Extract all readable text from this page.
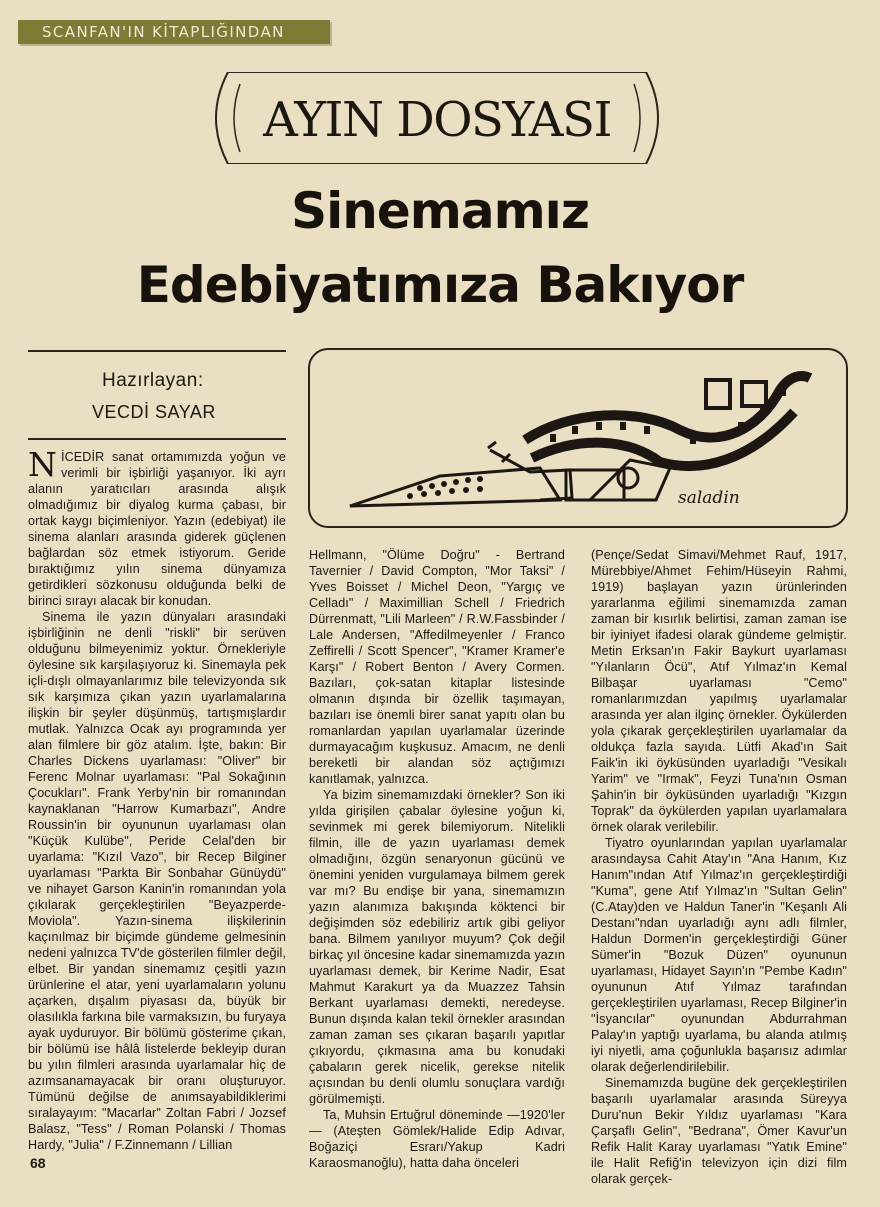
SCANFAN'IN KİTAPLIĞINDAN
AYIN DOSYASI
Sinemamız
Edebiyatımıza Bakıyor
Hazırlayan:
VECDİ SAYAR
saladin

NİCEDİR sanat ortamımızda yoğun ve verimli bir işbirliği yaşanıyor. İki ayrı alanın yaratıcıları arasında alışık olmadığımız bir diyalog kurma çabası, bir ortak kaygı biçimleniyor. Yazın (edebiyat) ile sinema alanları arasında giderek güçlenen bağlardan söz etmek istiyorum. Geride bıraktığımız yılın sinema dünyamıza getirdikleri sözkonusu olduğunda belki de birinci sırayı alacak bir konudan.

Sinema ile yazın dünyaları arasındaki işbirliğinin ne denli "riskli" bir serüven olduğunu bilmeyenimiz yoktur. Örnekleriyle öylesine sık karşılaşıyoruz ki. Sinemayla pek içli-dışlı olmayanlarımız bile televizyonda sık sık karşımıza çıkan yazın uyarlamalarına ilişkin bir şeyler düşünmüş, tartışmışlardır mutlak. Yalnızca Ocak ayı programında yer alan filmlere bir göz atalım. İşte, bakın: Bir Charles Dickens uyarlaması: "Oliver" bir Ferenc Molnar uyarlaması: "Pal Sokağının Çocukları". Frank Yerby'nin bir romanından kaynaklanan "Harrow Kumarbazı", Andre Roussin'in bir oyununun uyarlaması olan "Küçük Kulübe", Peride Celal'den bir uyarlama: "Kızıl Vazo", bir Recep Bilginer uyarlaması "Parkta Bir Sonbahar Günüydü" ve nihayet Garson Kanin'in romanından yola çıkılarak gerçekleştirilen "Beyazperde-Moviola". Yazın-sinema ilişkilerinin kaçınılmaz bir biçimde gündeme gelmesinin nedeni yalnızca TV'de gösterilen filmler değil, elbet. Bir yandan sinemamız çeşitli yazın ürünlerine el atar, yeni uyarlamaların yolunu açarken, dışalım piyasası da, büyük bir olasılıkla farkına bile varmaksızın, bu furyaya ayak uyduruyor. Bir bölümü gösterime çıkan, bir bölümü ise hâlâ listelerde bekleyip duran bu yılın filmleri arasında uyarlamalar hiç de azımsanamayacak bir oranı oluşturuyor. Tümünü değilse de anımsayabildiklerimi sıralayayım: "Macarlar" Zoltan Fabri / Jozsef Balasz, "Tess" / Roman Polanski / Thomas Hardy, "Julia" / F.Zinnemann / Lillian

Hellmann, "Ölüme Doğru" - Bertrand Tavernier / David Compton, "Mor Taksi" / Yves Boisset / Michel Deon, "Yargıç ve Celladı" / Maximillian Schell / Friedrich Dürrenmatt, "Lili Marleen" / R.W.Fassbinder / Lale Andersen, "Affedilmeyenler / Franco Zeffirelli / Scott Spencer", "Kramer Kramer'e Karşı" / Robert Benton / Avery Cormen. Bazıları, çok-satan kitaplar listesinde olmanın dışında bir özellik taşımayan, bazıları ise önemli birer sanat yapıtı olan bu romanlardan yapılan uyarlamalar üzerinde durmayacağım kuşkusuz. Amacım, ne denli bereketli bir alandan söz açtığımızı kanıtlamak, yalnızca.

Ya bizim sinemamızdaki örnekler? Son iki yılda girişilen çabalar öylesine yoğun ki, sevinmek mi gerek bilemiyorum. Nitelikli filmin, ille de yazın uyarlaması demek olmadığını, özgün senaryonun gücünü ve önemini yeniden vurgulamaya bilmem gerek var mı? Bu endişe bir yana, sinemamızın yazın alanımıza bakışında köktenci bir değişimden söz edebiliriz artık gibi geliyor bana. Bilmem yanılıyor muyum? Çok değil birkaç yıl öncesine kadar sinemamızda yazın uyarlaması demek, bir Kerime Nadir, Esat Mahmut Karakurt ya da Muazzez Tahsin Berkant uyarlaması demekti, neredeyse. Bunun dışında kalan tekil örnekler arasından zaman zaman ses çıkaran başarılı yapıtlar çıkıyordu, çıkmasına ama bu konudaki çabaların gerek nicelik, gerekse nitelik açısından bu denli olumlu sonuçlara vardığı görülmemişti.

Ta, Muhsin Ertuğrul döneminde —1920'ler— (Ateşten Gömlek/Halide Edip Adıvar, Boğaziçi Esrarı/Yakup Kadri Karaosmanoğlu), hatta daha önceleri

(Pençe/Sedat Simavi/Mehmet Rauf, 1917, Mürebbiye/Ahmet Fehim/Hüseyin Rahmi, 1919) başlayan yazın ürünlerinden yararlanma eğilimi sinemamızda zaman zaman bir kısırlık belirtisi, zaman zaman ise bir iyiniyet ifadesi olarak gündeme gelmiştir. Metin Erksan'ın Fakir Baykurt uyarlaması "Yılanların Öcü", Atıf Yılmaz'ın Kemal Bilbaşar uyarlaması "Cemo" romanlarımızdan yapılmış uyarlamalar arasında yer alan ilginç örnekler. Öykülerden yola çıkarak gerçekleştirilen uyarlamalar da oldukça fazla sayıda. Lütfi Akad'ın Sait Faik'in iki öyküsünden uyarladığı "Vesikalı Yarim" ve "Irmak", Feyzi Tuna'nın Osman Şahin'in bir öyküsünden uyarladığı "Kızgın Toprak" da öykülerden yapılan uyarlamalara örnek olarak verilebilir.

Tiyatro oyunlarından yapılan uyarlamalar arasındaysa Cahit Atay'ın "Ana Hanım, Kız Hanım"ından Atıf Yılmaz'ın gerçekleştirdiği "Kuma", gene Atıf Yılmaz'ın "Sultan Gelin" (C.Atay)den ve Haldun Taner'in "Keşanlı Ali Destanı"ndan uyarladığı aynı adlı filmler, Haldun Dormen'in gerçekleştirdiği Güner Sümer'in "Bozuk Düzen" oyununun uyarlaması, Hidayet Sayın'ın "Pembe Kadın" oyununun Atıf Yılmaz tarafından gerçekleştirilen uyarlaması, Recep Bilginer'in "İsyancılar" oyunundan Abdurrahman Palay'ın yaptığı uyarlama, bu alanda atılmış iyi niyetli, ama çoğunlukla başarısız adımlar olarak değerlendirilebilir.

Sinemamızda bugüne dek gerçekleştirilen başarılı uyarlamalar arasında Süreyya Duru'nun Bekir Yıldız uyarlaması "Kara Çarşaflı Gelin", "Bedrana", Ömer Kavur'un Refik Halit Karay uyarlaması "Yatık Emine" ile Halit Refiğ'in televizyon için dizi film olarak gerçek-

68
